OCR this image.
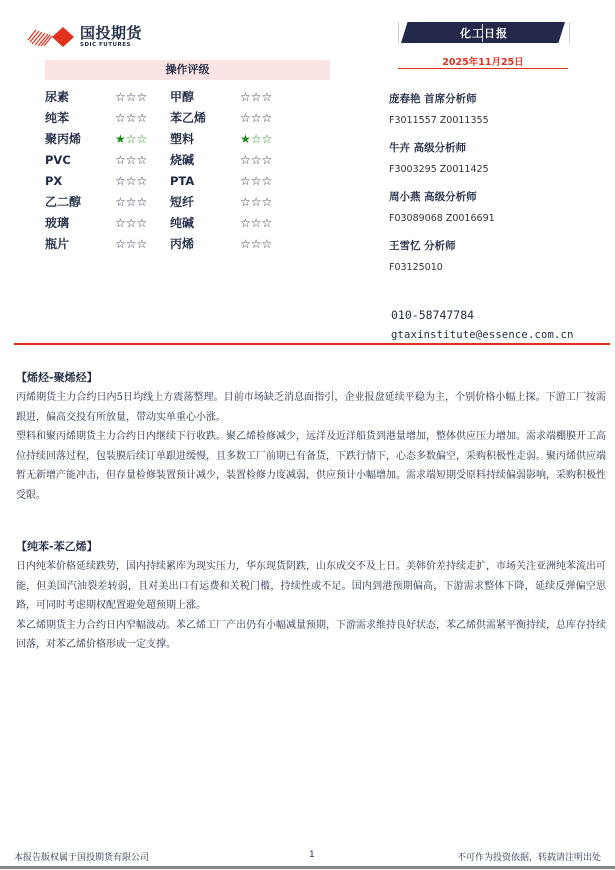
国投期货
SDIC FUTURES
化工日报
2025年11月25日
操作评级
尿素	☆☆☆	甲醇	☆☆☆
纯苯	☆☆☆	苯乙烯	☆☆☆
聚丙烯	★☆☆	塑料	★☆☆
PVC	☆☆☆	烧碱	☆☆☆
PX	☆☆☆	PTA	☆☆☆
乙二醇	☆☆☆	短纤	☆☆☆
玻璃	☆☆☆	纯碱	☆☆☆
瓶片	☆☆☆	丙烯	☆☆☆
庞春艳 首席分析师
F3011557 Z0011355
牛卉 高级分析师
F3003295 Z0011425
周小燕 高级分析师
F03089068 Z0016691
王雪忆 分析师
F03125010
010-58747784
gtaxinstitute@essence.com.cn
【烯烃-聚烯烃】

丙烯期货主力合约日内5日均线上方震荡整理。目前市场缺乏消息面指引，企业报盘延续平稳为主，个别价格小幅上探。下游工厂按需跟进，偏高交投有所放量，带动实单重心小涨。

塑料和聚丙烯期货主力合约日内继续下行收跌。聚乙烯检修减少，远洋及近洋船货到港量增加，整体供应压力增加。需求端棚膜开工高位持续回落过程，包装膜后续订单跟进缓慢，且多数工厂前期已有备货，下跌行情下，心态多数偏空，采购积极性走弱。聚丙烯供应端暂无新增产能冲击，但存量检修装置预计减少，装置检修力度减弱，供应预计小幅增加。需求端短期受原料持续偏弱影响，采购积极性受限。

【纯苯-苯乙烯】

日内纯苯价格延续跌势，国内持续累库为现实压力，华东现货阴跌，山东成交不及上日。美韩价差持续走扩，市场关注亚洲纯苯流出可能，但美国汽油裂差转弱，且对美出口有运费和关税门槛，持续性或不足。国内到港预期偏高，下游需求整体下降，延续反弹偏空思路，可同时考虑期权配置避免超预期上涨。

苯乙烯期货主力合约日内窄幅波动。苯乙烯工厂产出仍有小幅减量预期，下游需求维持良好状态，苯乙烯供需紧平衡持续，总库存持续回落，对苯乙烯价格形成一定支撑。

本报告版权属于国投期货有限公司	1	不可作为投资依据，转载请注明出处
